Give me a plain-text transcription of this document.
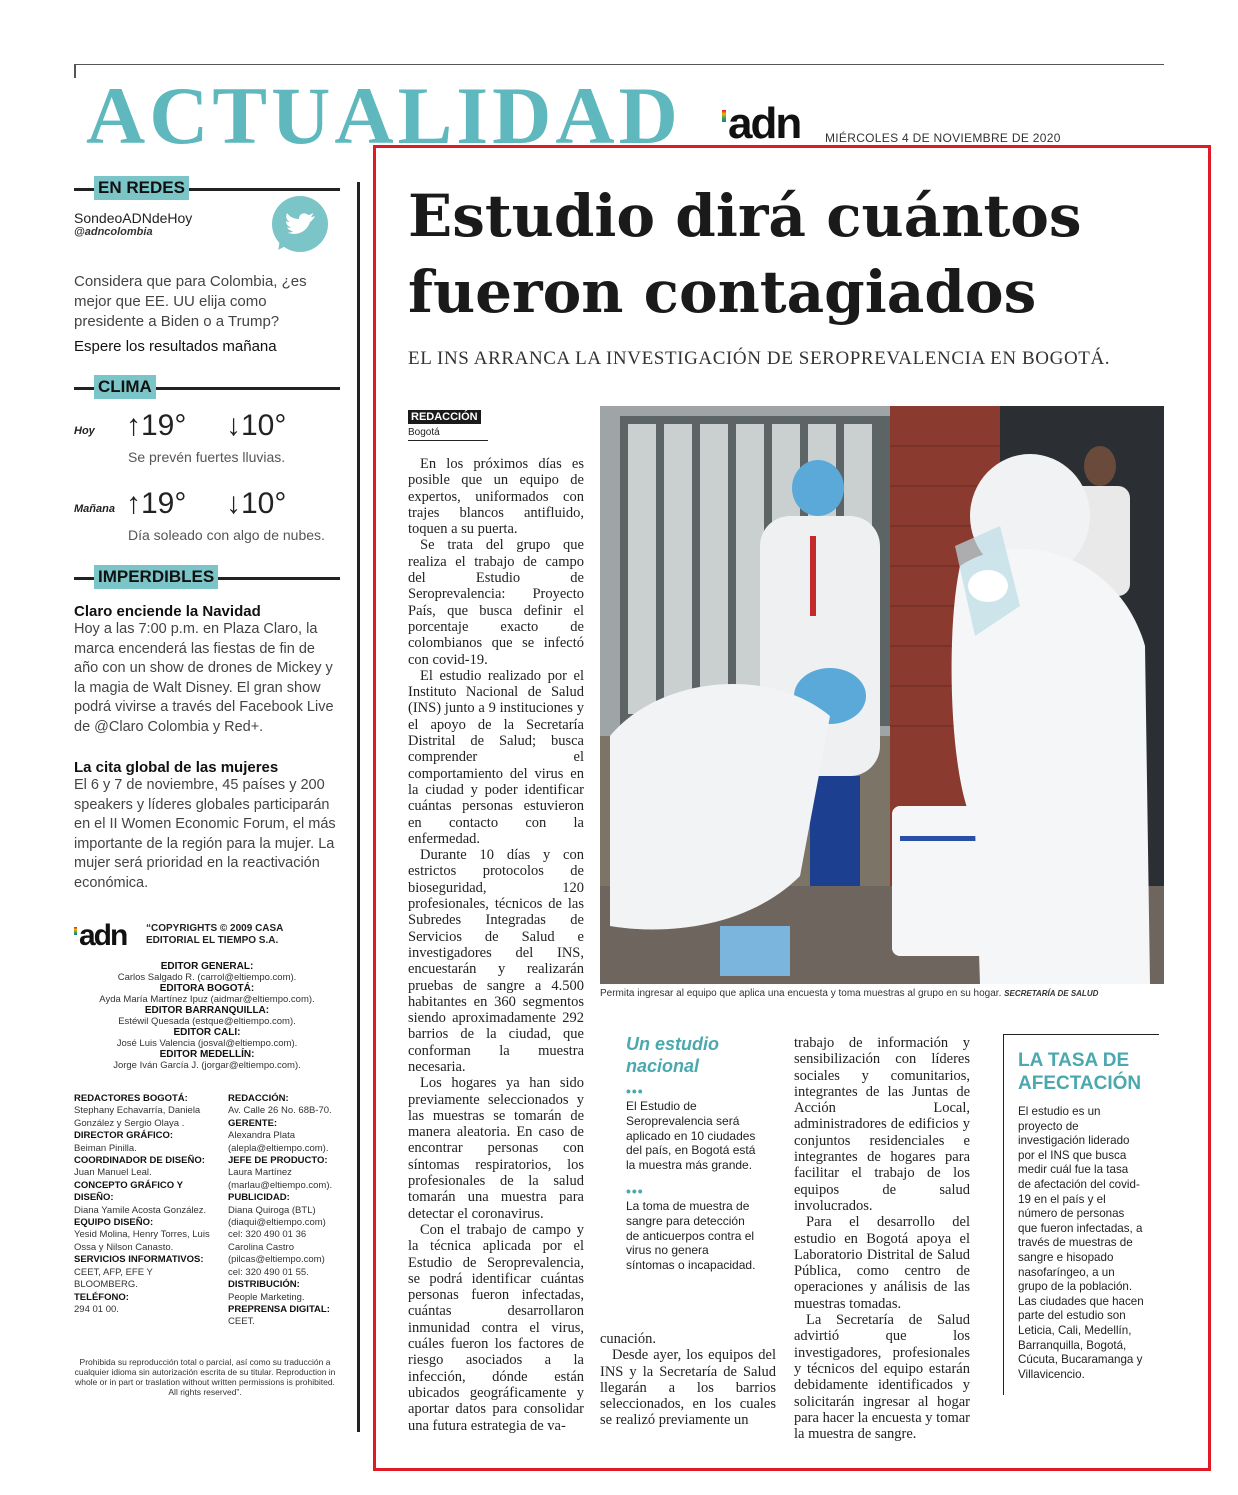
ACTUALIDAD adn MIÉRCOLES 4 DE NOVIEMBRE DE 2020
EN REDES
SondeoADNdeHoy
@adncolombia
Considera que para Colombia, ¿es mejor que EE. UU elija como presidente a Biden o a Trump?
Espere los resultados mañana
CLIMA
Hoy ↑19° ↓10°
Se prevén fuertes lluvias.
Mañana ↑19° ↓10°
Día soleado con algo de nubes.
IMPERDIBLES
Claro enciende la Navidad
Hoy a las 7:00 p.m. en Plaza Claro, la marca encenderá las fiestas de fin de año con un show de drones de Mickey y la magia de Walt Disney. El gran show podrá vivirse a través del Facebook Live de @Claro Colombia y Red+.
La cita global de las mujeres
El 6 y 7 de noviembre, 45 países y 200 speakers y líderes globales participarán en el II Women Economic Forum, el más importante de la región para la mujer. La mujer será prioridad en la reactivación económica.
adn “COPYRIGHTS © 2009 CASA EDITORIAL EL TIEMPO S.A.
EDITOR GENERAL:
Carlos Salgado R. (carrol@eltiempo.com).
EDITORA BOGOTÁ:
Ayda María Martínez Ipuz (aidmar@eltiempo.com).
EDITOR BARRANQUILLA:
Estéwil Quesada (estque@eltiempo.com).
EDITOR CALI:
José Luis Valencia (josval@eltiempo.com).
EDITOR MEDELLÍN:
Jorge Iván García J. (jorgar@eltiempo.com).
REDACTORES BOGOTÁ:
Stephany Echavarría, Daniela González y Sergio Olaya .
DIRECTOR GRÁFICO:
Beiman Pinilla.
COORDINADOR DE DISEÑO:
Juan Manuel Leal.
CONCEPTO GRÁFICO Y DISEÑO:
Diana Yamile Acosta González.
EQUIPO DISEÑO:
Yesid Molina, Henry Torres, Luis Ossa y Nilson Canasto.
SERVICIOS INFORMATIVOS:
CEET, AFP, EFE Y BLOOMBERG.
TELÉFONO:
294 01 00.
REDACCIÓN:
Av. Calle 26 No. 68B-70.
GERENTE:
Alexandra Plata (alepla@eltiempo.com).
JEFE DE PRODUCTO:
Laura Martínez (marlau@eltiempo.com).
PUBLICIDAD:
Diana Quiroga (BTL) (diaqui@eltiempo.com) cel: 320 490 01 36 Carolina Castro (pilcas@eltiempo.com) cel: 320 490 01 55.
DISTRIBUCIÓN:
People Marketing.
PREPRENSA DIGITAL:
CEET.
Prohibida su reproducción total o parcial, así como su traducción a cualquier idioma sin autorización escrita de su titular. Reproduction in whole or in part or traslation without written permissions is prohibited. All rights reserved”.
Estudio dirá cuántos
fueron contagiados
EL INS ARRANCA LA INVESTIGACIÓN DE SEROPREVALENCIA EN BOGOTÁ.
REDACCIÓN
Bogotá

En los próximos días es posible que un equipo de expertos, uniformados con trajes blancos antifluido, toquen a su puerta.

Se trata del grupo que realiza el trabajo de campo del Estudio de Seroprevalencia: Proyecto País, que busca definir el porcentaje exacto de colombianos que se infectó con covid-19.

El estudio realizado por el Instituto Nacional de Salud (INS) junto a 9 instituciones y el apoyo de la Secretaría Distrital de Salud; busca comprender el comportamiento del virus en la ciudad y poder identificar cuántas personas estuvieron en contacto con la enfermedad.

Durante 10 días y con estrictos protocolos de bioseguridad, 120 profesionales, técnicos de las Subredes Integradas de Servicios de Salud e investigadores del INS, encuestarán y realizarán pruebas de sangre a 4.500 habitantes en 360 segmentos siendo aproximadamente 292 barrios de la ciudad, que conforman la muestra necesaria.

Los hogares ya han sido previamente seleccionados y las muestras se tomarán de manera aleatoria. En caso de encontrar personas con síntomas respiratorios, los profesionales de la salud tomarán una muestra para detectar el coronavirus.

Con el trabajo de campo y la técnica aplicada por el Estudio de Seroprevalencia, se podrá identificar cuántas personas fueron infectadas, cuántas desarrollaron inmunidad contra el virus, cuáles fueron los factores de riesgo asociados a la infección, dónde están ubicados geográficamente y aportar datos para consolidar una futura estrategia de va-

Permita ingresar al equipo que aplica una encuesta y toma muestras al grupo en su hogar. SECRETARÍA DE SALUD
Un estudio nacional
•••
El Estudio de Seroprevalencia será aplicado en 10 ciudades del país, en Bogotá está la muestra más grande.
•••
La toma de muestra de sangre para detección de anticuerpos contra el virus no genera síntomas o incapacidad.

cunación.

Desde ayer, los equipos del INS y la Secretaría de Salud llegarán a los barrios seleccionados, en los cuales se realizó previamente un

trabajo de información y sensibilización con líderes sociales y comunitarios, integrantes de las Juntas de Acción Local, administradores de edificios y conjuntos residenciales e integrantes de hogares para facilitar el trabajo de los equipos de salud involucrados.

Para el desarrollo del estudio en Bogotá apoya el Laboratorio Distrital de Salud Pública, como centro de operaciones y análisis de las muestras tomadas.

La Secretaría de Salud advirtió que los investigadores, profesionales y técnicos del equipo estarán debidamente identificados y solicitarán ingresar al hogar para hacer la encuesta y tomar la muestra de sangre.

LA TASA DE AFECTACIÓN
El estudio es un proyecto de investigación liderado por el INS que busca medir cuál fue la tasa de afectación del covid-19 en el país y el número de personas que fueron infectadas, a través de muestras de sangre e hisopado nasofaríngeo, a un grupo de la población. Las ciudades que hacen parte del estudio son Leticia, Cali, Medellín, Barranquilla, Bogotá, Cúcuta, Bucaramanga y Villavicencio.
